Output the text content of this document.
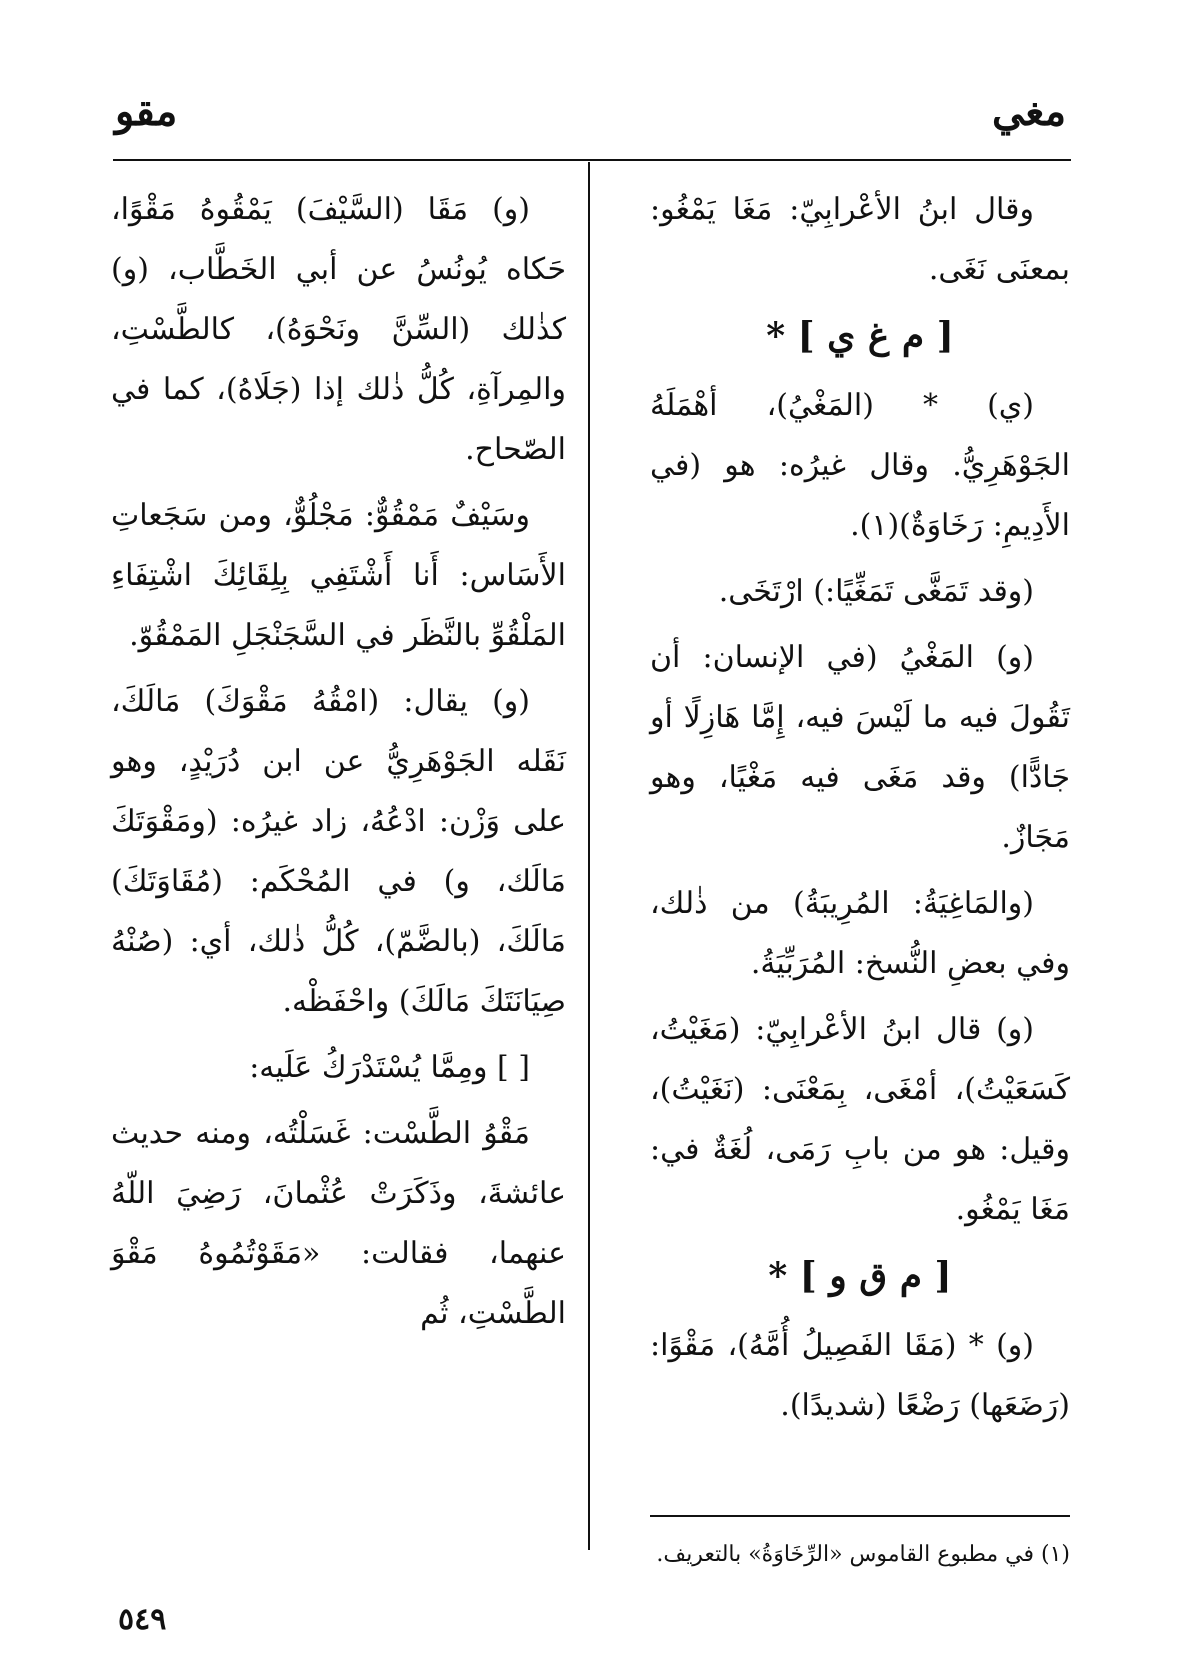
مغي
مقو

وقال ابنُ الأعْرابِيّ: مَغَا يَمْغُو: بمعنَى نَغَى.

[ م غ ي ] *

(ي) * (المَغْيُ)، أهْمَلَهُ الجَوْهَرِيُّ. وقال غيرُه: هو (في الأَدِيمِ: رَخَاوَةٌ)(١).

(وقد تَمَغَّى تَمَغِّيًا:) ارْتَخَى.

(و) المَغْيُ (في الإنسان: أن تَقُولَ فيه ما لَيْسَ فيه، إِمَّا هَازِلًا أو جَادًّا) وقد مَغَى فيه مَغْيًا، وهو مَجَازٌ.

(والمَاغِيَةُ: المُرِيبَةُ) من ذٰلك، وفي بعضِ النُّسخ: المُرَبِّيَةُ.

(و) قال ابنُ الأعْرابِيّ: (مَغَيْتُ، كَسَعَيْتُ)، أمْغَى، بِمَعْنَى: (نَغَيْتُ)، وقيل: هو من بابِ رَمَى، لُغَةٌ في: مَغَا يَمْغُو.

[ م ق و ] *

(و) * (مَقَا الفَصِيلُ أُمَّهُ)، مَقْوًا: (رَضَعَها) رَضْعًا (شديدًا).

(و) مَقَا (السَّيْفَ) يَمْقُوهُ مَقْوًا، حَكاه يُونُسُ عن أبي الخَطَّاب، (و) كذٰلك (السِّنَّ ونَحْوَهُ)، كالطَّسْتِ، والمِرآةِ، كُلُّ ذٰلك إذا (جَلَاهُ)، كما في الصّحاح.

وسَيْفٌ مَمْقُوٌّ: مَجْلُوٌّ، ومن سَجَعاتِ الأَسَاس: أَنا أَشْتَفِي بِلِقَائِكَ اشْتِفَاءِ المَلْقُوِّ بالنَّظَر في السَّجَنْجَلِ المَمْقُوّ.

(و) يقال: (امْقُهُ مَقْوَكَ) مَالَكَ، نَقَله الجَوْهَرِيُّ عن ابن دُرَيْدٍ، وهو على وَزْن: ادْعُهُ، زاد غيرُه: (ومَقْوَتَكَ مَالَك، و) في المُحْكَم: (مُقَاوَتَكَ) مَالَكَ، (بالضَّمّ)، كُلُّ ذٰلك، أي: (صُنْهُ صِيَانَتَكَ مَالَكَ) واحْفَظْه.

[ ] ومِمَّا يُسْتَدْرَكُ عَلَيه:

مَقْوُ الطَّسْت: غَسَلْتُه، ومنه حديث عائشةَ، وذَكَرَتْ عُثْمانَ، رَضِيَ اللّهُ عنهما، فقالت: «مَقَوْتُمُوهُ مَقْوَ الطَّسْتِ، ثُم

(١) في مطبوع القاموس «الرِّخَاوَةُ» بالتعريف.
٥٤٩
